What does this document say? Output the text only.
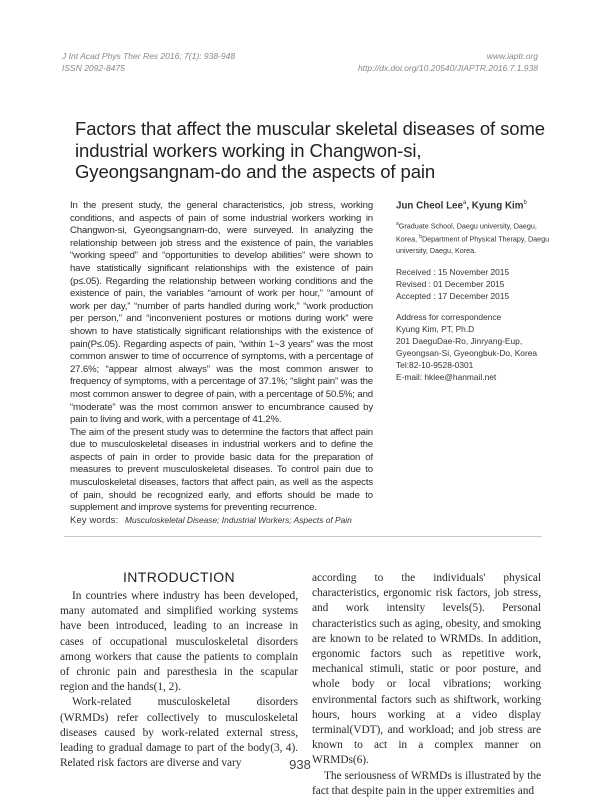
J Int Acad Phys Ther Res 2016; 7(1): 938-948
ISSN 2092-8475
www.iaptr.org
http://dx.doi.org/10.20540/JIAPTR.2016.7.1.938
Factors that affect the muscular skeletal diseases of some industrial workers working in Changwon-si, Gyeongsangnam-do and the aspects of pain

In the present study, the general characteristics, job stress, working conditions, and aspects of pain of some industrial workers working in Changwon-si, Gyeongsangnam-do, were surveyed. In analyzing the relationship between job stress and the existence of pain, the variables “working speed” and “opportunities to develop abilities” were shown to have statistically significant relationships with the existence of pain (p≤.05). Regarding the relationship between working conditions and the existence of pain, the variables “amount of work per hour,” “amount of work per day,” “number of parts handled during work,” “work production per person,” and “inconvenient postures or motions during work” were shown to have statistically significant relationships with the existence of pain(P≤.05). Regarding aspects of pain, “within 1~3 years” was the most common answer to time of occurrence of symptoms, with a percentage of 27.6%; “appear almost always” was the most common answer to frequency of symptoms, with a percentage of 37.1%; “slight pain” was the most common answer to degree of pain, with a percentage of 50.5%; and “moderate” was the most common answer to encumbrance caused by pain to living and work, with a percentage of 41.2%.

The aim of the present study was to determine the factors that affect pain due to musculoskeletal diseases in industrial workers and to define the aspects of pain in order to provide basic data for the preparation of measures to prevent musculoskeletal diseases. To control pain due to musculoskeletal diseases, factors that affect pain, as well as the aspects of pain, should be recognized early, and efforts should be made to supplement and improve systems for preventing recurrence.

Key words: Musculoskeletal Disease; Industrial Workers; Aspects of Pain
Jun Cheol Lee$^a$, Kyung Kim$^b$
$^a$Graduate School, Daegu university, Daegu, Korea, $^b$Department of Physical Therapy, Daegu university, Daegu, Korea.
Received : 15 November 2015
Revised : 01 December 2015
Accepted : 17 December 2015
Address for correspondence
Kyung Kim, PT, Ph.D
201 DaeguDae-Ro, Jinryang-Eup,
Gyeongsan-Si, Gyeongbuk-Do, Korea
Tel:82-10-9528-0301
E-mail: hklee@hanmail.net
INTRODUCTION

In countries where industry has been developed, many automated and simplified working systems have been introduced, leading to an increase in cases of occupational musculoskeletal disorders among workers that cause the patients to complain of chronic pain and paresthesia in the scapular region and the hands(1, 2).

Work-related musculoskeletal disorders (WRMDs) refer collectively to musculoskeletal diseases caused by work-related external stress, leading to gradual damage to part of the body(3, 4). Related risk factors are diverse and vary

according to the individuals' physical characteristics, ergonomic risk factors, job stress, and work intensity levels(5). Personal characteristics such as aging, obesity, and smoking are known to be related to WRMDs. In addition, ergonomic factors such as repetitive work, mechanical stimuli, static or poor posture, and whole body or local vibrations; working environmental factors such as shiftwork, working hours, hours working at a video display terminal(VDT), and workload; and job stress are known to act in a complex manner on WRMDs(6).

The seriousness of WRMDs is illustrated by the fact that despite pain in the upper extremities and

938
